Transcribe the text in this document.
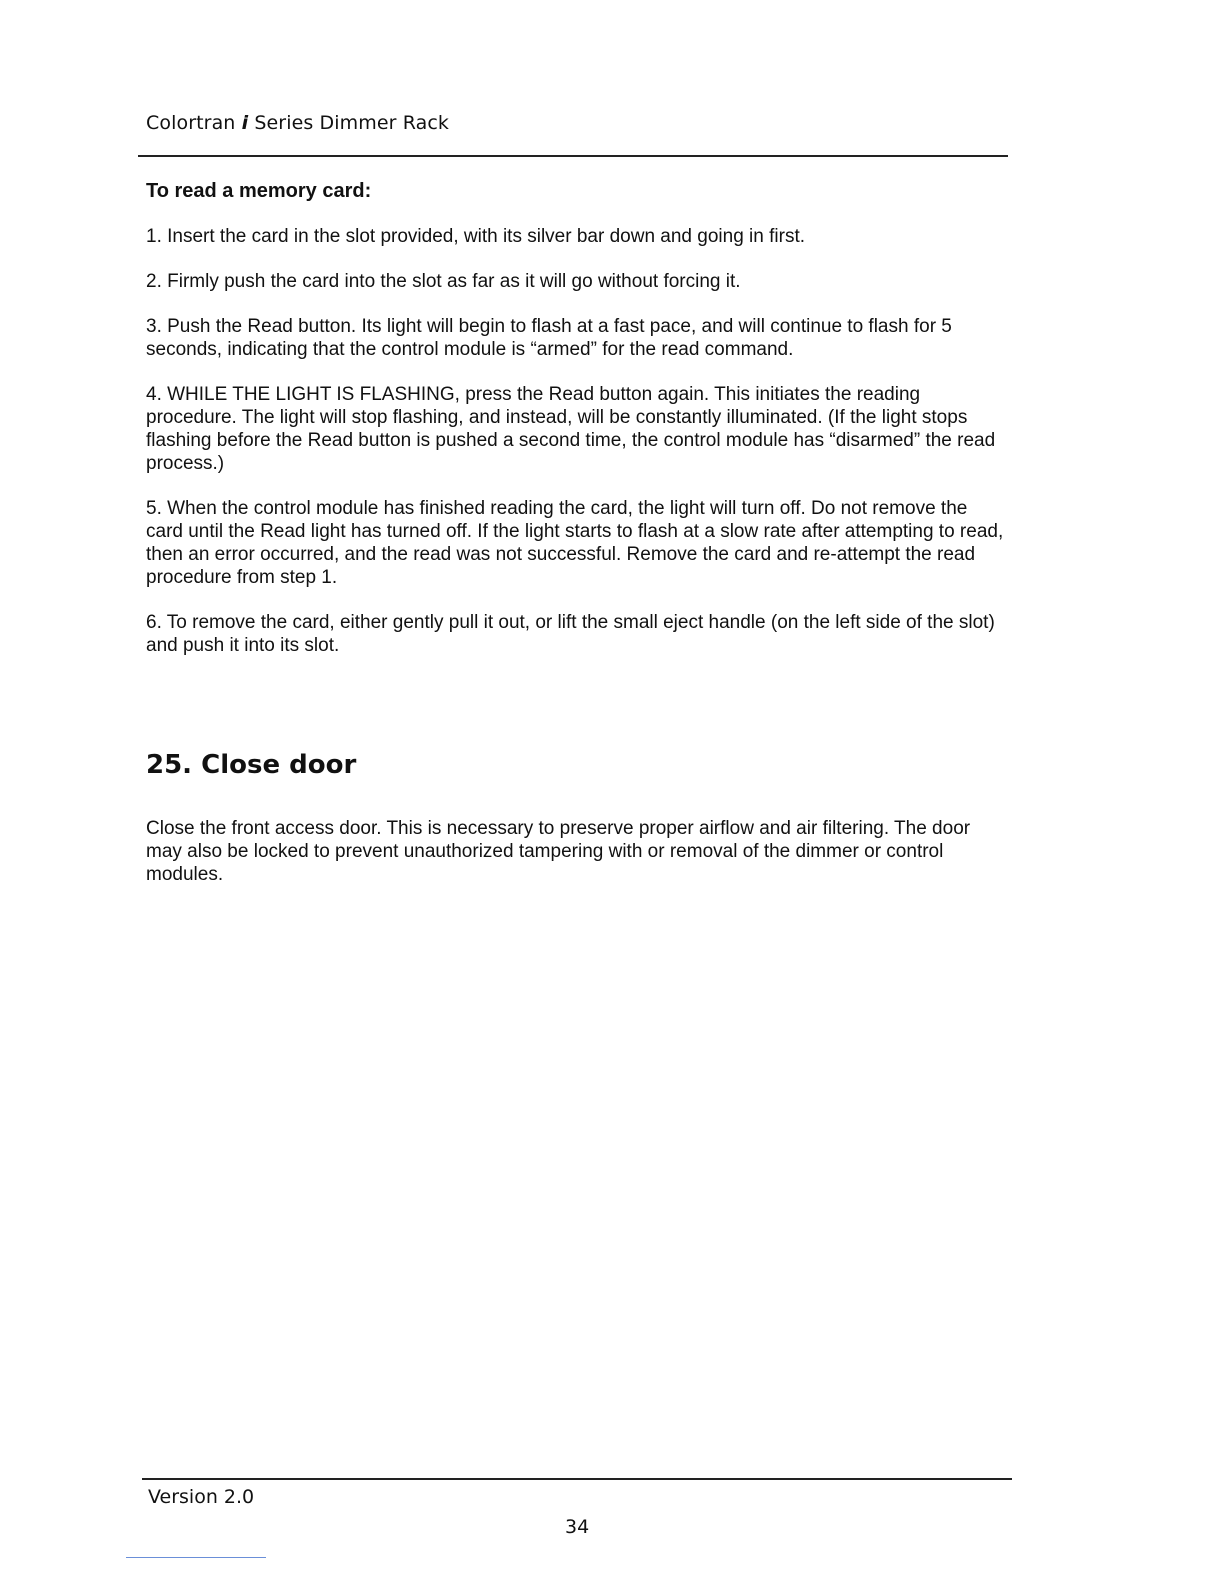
Colortran i Series Dimmer Rack
To read a memory card:

1. Insert the card in the slot provided, with its silver bar down and going in first.

2. Firmly push the card into the slot as far as it will go without forcing it.

3. Push the Read button. Its light will begin to flash at a fast pace, and will continue to flash for 5 seconds, indicating that the control module is “armed” for the read command.

4. WHILE THE LIGHT IS FLASHING, press the Read button again. This initiates the reading procedure. The light will stop flashing, and instead, will be constantly illuminated. (If the light stops flashing before the Read button is pushed a second time, the control module has “disarmed” the read process.)

5. When the control module has finished reading the card, the light will turn off. Do not remove the card until the Read light has turned off. If the light starts to flash at a slow rate after attempting to read, then an error occurred, and the read was not successful. Remove the card and re-attempt the read procedure from step 1.

6. To remove the card, either gently pull it out, or lift the small eject handle (on the left side of the slot) and push it into its slot.

25. Close door

Close the front access door. This is necessary to preserve proper airflow and air filtering. The door may also be locked to prevent unauthorized tampering with or removal of the dimmer or control modules.

Version 2.0
34
